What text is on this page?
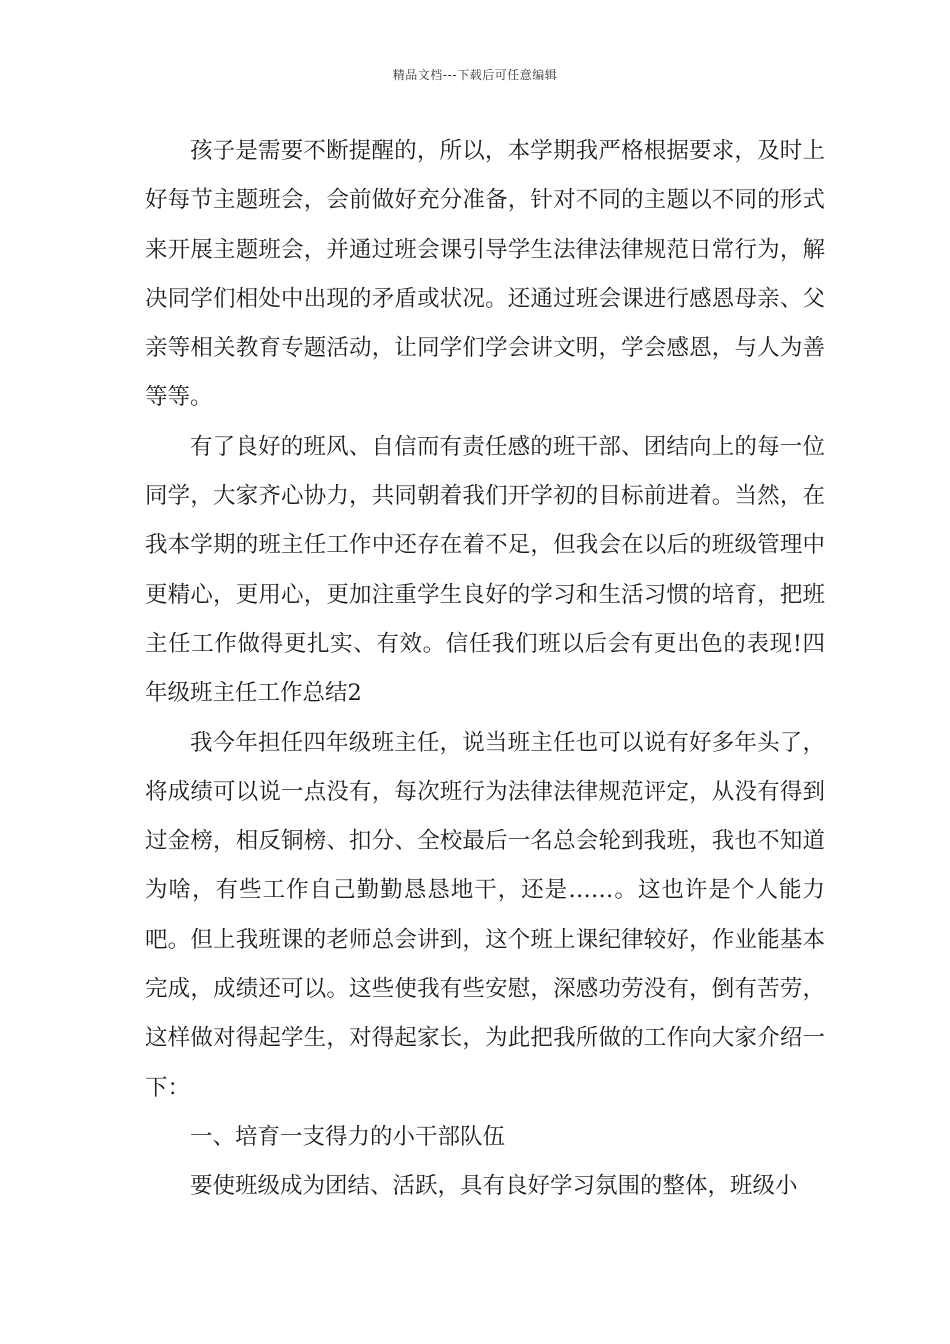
精品文档---下载后可任意编辑

孩子是需要不断提醒的，所以，本学期我严格根据要求，及时上好每节主题班会，会前做好充分准备，针对不同的主题以不同的形式来开展主题班会，并通过班会课引导学生法律法律规范日常行为，解决同学们相处中出现的矛盾或状况。还通过班会课进行感恩母亲、父亲等相关教育专题活动，让同学们学会讲文明，学会感恩，与人为善等等。

有了良好的班风、自信而有责任感的班干部、团结向上的每一位同学，大家齐心协力，共同朝着我们开学初的目标前进着。当然，在我本学期的班主任工作中还存在着不足，但我会在以后的班级管理中更精心，更用心，更加注重学生良好的学习和生活习惯的培育，把班主任工作做得更扎实、有效。信任我们班以后会有更出色的表现!四年级班主任工作总结2

我今年担任四年级班主任，说当班主任也可以说有好多年头了，将成绩可以说一点没有，每次班行为法律法律规范评定，从没有得到过金榜，相反铜榜、扣分、全校最后一名总会轮到我班，我也不知道为啥，有些工作自己勤勤恳恳地干，还是……。这也许是个人能力吧。但上我班课的老师总会讲到，这个班上课纪律较好，作业能基本完成，成绩还可以。这些使我有些安慰，深感功劳没有，倒有苦劳，这样做对得起学生，对得起家长，为此把我所做的工作向大家介绍一下：

一、培育一支得力的小干部队伍

要使班级成为团结、活跃，具有良好学习氛围的整体，班级小
